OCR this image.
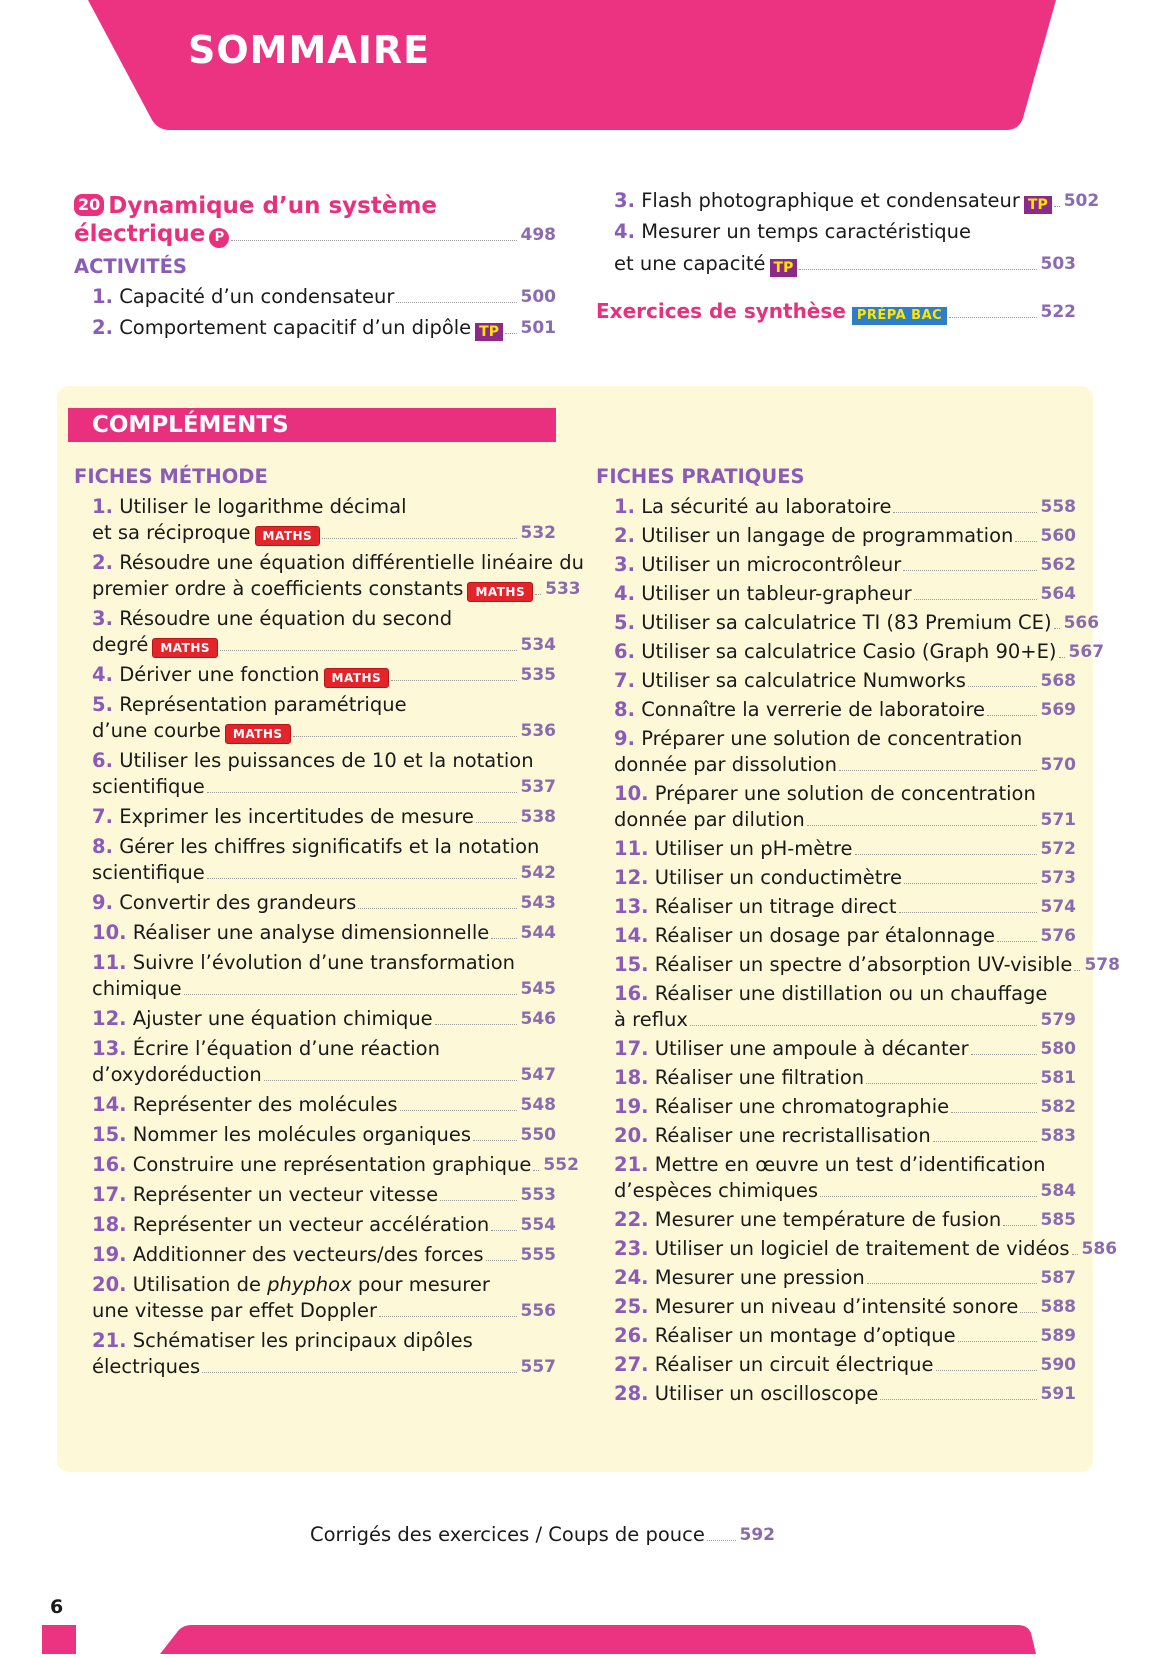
SOMMAIRE
20 Dynamique d’un système
électrique P	498
ACTIVITÉS
1. Capacité d’un condensateur	500
2. Comportement capacitif d’un dipôle TP 501
3. Flash photographique et condensateur TP 502
4. Mesurer un temps caractéristique
et une capacité TP	503
Exercices de synthèse PRÉPA BAC	522
COMPLÉMENTS
FICHES MÉTHODE
1. Utiliser le logarithme décimal
et sa réciproque	MATHS	532
2. Résoudre une équation différentielle linéaire du
premier ordre à coefficients constants	MATHS	533
3. Résoudre une équation du second
degré	MATHS	534
4. Dériver une fonction	MATHS	535
5. Représentation paramétrique
d’une courbe	MATHS	536
6. Utiliser les puissances de 10 et la notation
scientifique	537
7. Exprimer les incertitudes de mesure	538
8. Gérer les chiffres significatifs et la notation
scientifique	542
9. Convertir des grandeurs	543
10. Réaliser une analyse dimensionnelle 544
11. Suivre l’évolution d’une transformation
chimique	545
12. Ajuster une équation chimique	546
13. Écrire l’équation d’une réaction
d’oxydoréduction	547
14. Représenter des molécules	548
15. Nommer les molécules organiques	550
16. Construire une représentation graphique 552
17. Représenter un vecteur vitesse	553
18. Représenter un vecteur accélération 554
19. Additionner des vecteurs/des forces 555
20. Utilisation de phyphox pour mesurer
une vitesse par effet Doppler	556
21. Schématiser les principaux dipôles
électriques	557
FICHES PRATIQUES
1. La sécurité au laboratoire	558
2. Utiliser un langage de programmation 560
3. Utiliser un microcontrôleur	562
4. Utiliser un tableur-grapheur	564
5. Utiliser sa calculatrice TI (83 Premium CE) 566
6. Utiliser sa calculatrice Casio (Graph 90+E) 567
7. Utiliser sa calculatrice Numworks	568
8. Connaître la verrerie de laboratoire	569
9. Préparer une solution de concentration
donnée par dissolution	570
10. Préparer une solution de concentration
donnée par dilution	571
11. Utiliser un pH-mètre	572
12. Utiliser un conductimètre	573
13. Réaliser un titrage direct	574
14. Réaliser un dosage par étalonnage	576
15. Réaliser un spectre d’absorption UV-visible 578
16. Réaliser une distillation ou un chauffage
à reflux	579
17. Utiliser une ampoule à décanter	580
18. Réaliser une filtration	581
19. Réaliser une chromatographie	582
20. Réaliser une recristallisation	583
21. Mettre en œuvre un test d’identification
d’espèces chimiques	584
22. Mesurer une température de fusion 585
23. Utiliser un logiciel de traitement de vidéos 586
24. Mesurer une pression	587
25. Mesurer un niveau d’intensité sonore 588
26. Réaliser un montage d’optique	589
27. Réaliser un circuit électrique	590
28. Utiliser un oscilloscope	591
Corrigés des exercices / Coups de pouce 592
6
